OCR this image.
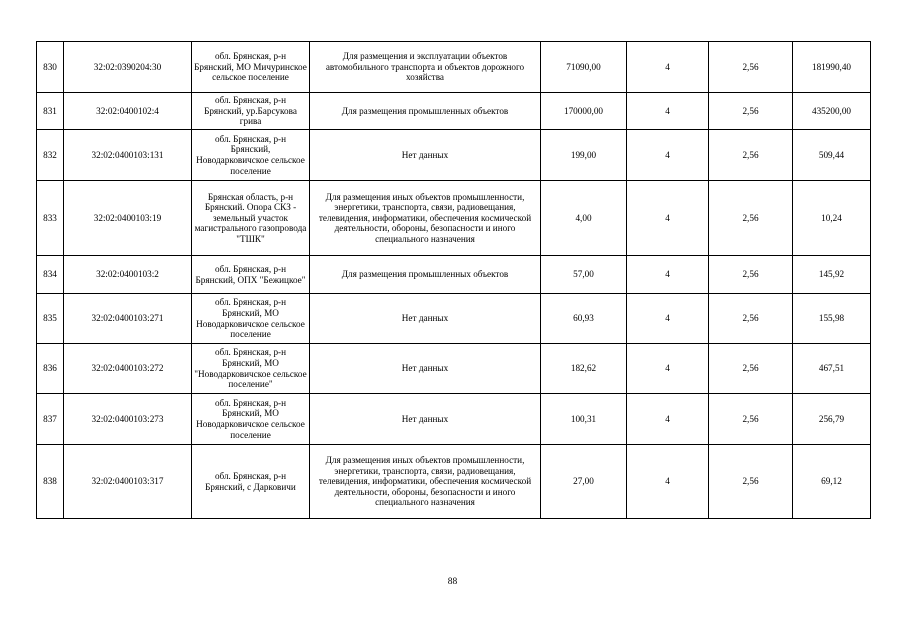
830	32:02:0390204:30	обл. Брянская, р-н Брянский, МО Мичуринское сельское поселение	Для размещения и эксплуатации объектов автомобильного транспорта и объектов дорожного хозяйства	71090,00	4	2,56	181990,40
831	32:02:0400102:4	обл. Брянская, р-н Брянский, ур.Барсукова грива	Для размещения промышленных объектов	170000,00	4	2,56	435200,00
832	32:02:0400103:131	обл. Брянская, р-н Брянский, Новодарковичское сельское поселение	Нет данных	199,00	4	2,56	509,44
833	32:02:0400103:19	Брянская область, р-н Брянский. Опора СКЗ - земельный участок магистрального газопровода "ТШК"	Для размещения иных объектов промышленности, энергетики, транспорта, связи, радиовещания, телевидения, информатики, обеспечения космической деятельности, обороны, безопасности и иного специального назначения	4,00	4	2,56	10,24
834	32:02:0400103:2	обл. Брянская, р-н Брянский, ОПХ "Бежицкое"	Для размещения промышленных объектов	57,00	4	2,56	145,92
835	32:02:0400103:271	обл. Брянская, р-н Брянский, МО Новодарковичское сельское поселение	Нет данных	60,93	4	2,56	155,98
836	32:02:0400103:272	обл. Брянская, р-н Брянский, МО "Новодарковичское сельское поселение"	Нет данных	182,62	4	2,56	467,51
837	32:02:0400103:273	обл. Брянская, р-н Брянский, МО Новодарковичское сельское поселение	Нет данных	100,31	4	2,56	256,79
838	32:02:0400103:317	обл. Брянская, р-н Брянский, с Дарковичи	Для размещения иных объектов промышленности, энергетики, транспорта, связи, радиовещания, телевидения, информатики, обеспечения космической деятельности, обороны, безопасности и иного специального назначения	27,00	4	2,56	69,12
88
